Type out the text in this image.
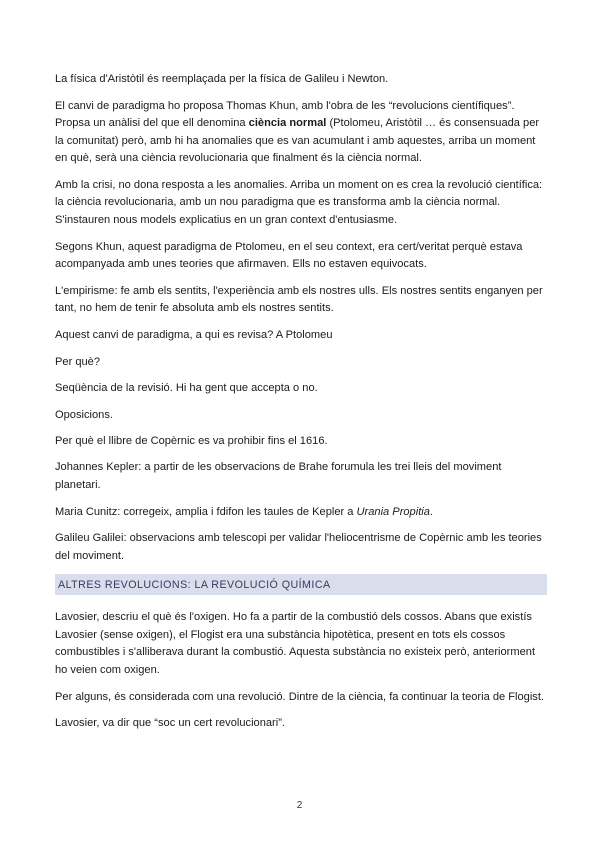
La física d'Aristòtil és reemplaçada per la física de Galileu i Newton.

El canvi de paradigma ho proposa Thomas Khun, amb l'obra de les “revolucions científiques”. Propsa un anàlisi del que ell denomina ciència normal (Ptolomeu, Aristòtil … és consensuada per la comunitat) però, amb hi ha anomalies que es van acumulant i amb aquestes, arriba un moment en què, serà una ciència revolucionaria que finalment és la ciència normal.

Amb la crisi, no dona resposta a les anomalies. Arriba un moment on es crea la revolució científica: la ciència revolucionaria, amb un nou paradigma que es transforma amb la ciència normal. S'instauren nous models explicatius en un gran context d'entusiasme.

Segons Khun, aquest paradigma de Ptolomeu, en el seu context, era cert/veritat perquè estava acompanyada amb unes teories que afirmaven. Ells no estaven equivocats.

L'empirisme: fe amb els sentits, l'experiència amb els nostres ulls. Els nostres sentits enganyen per tant, no hem de tenir fe absoluta amb els nostres sentits.

Aquest canvi de paradigma, a qui es revisa? A Ptolomeu

Per què?

Seqüència de la revisió. Hi ha gent que accepta o no.

Oposicions.

Per què el llibre de Copèrnic es va prohibir fins el 1616.

Johannes Kepler: a partir de les observacions de Brahe forumula les trei lleis del moviment planetari.

Maria Cunitz: corregeix, amplia i fdifon les taules de Kepler a Urania Propitia.

Galileu Galilei: observacions amb telescopi per validar l'heliocentrisme de Copèrnic amb les teories del moviment.

ALTRES REVOLUCIONS: LA REVOLUCIÓ QUÍMICA

Lavosier, descriu el què és l'oxigen. Ho fa a partir de la combustió dels cossos. Abans que existís Lavosier (sense oxigen), el Flogist era una substància hipotètica, present en tots els cossos combustibles i s'alliberava durant la combustió. Aquesta substància no existeix però, anteriorment ho veien com oxigen.

Per alguns, és considerada com una revolució. Dintre de la ciència, fa continuar la teoria de Flogist.

Lavosier, va dir que “soc un cert revolucionari”.

2
